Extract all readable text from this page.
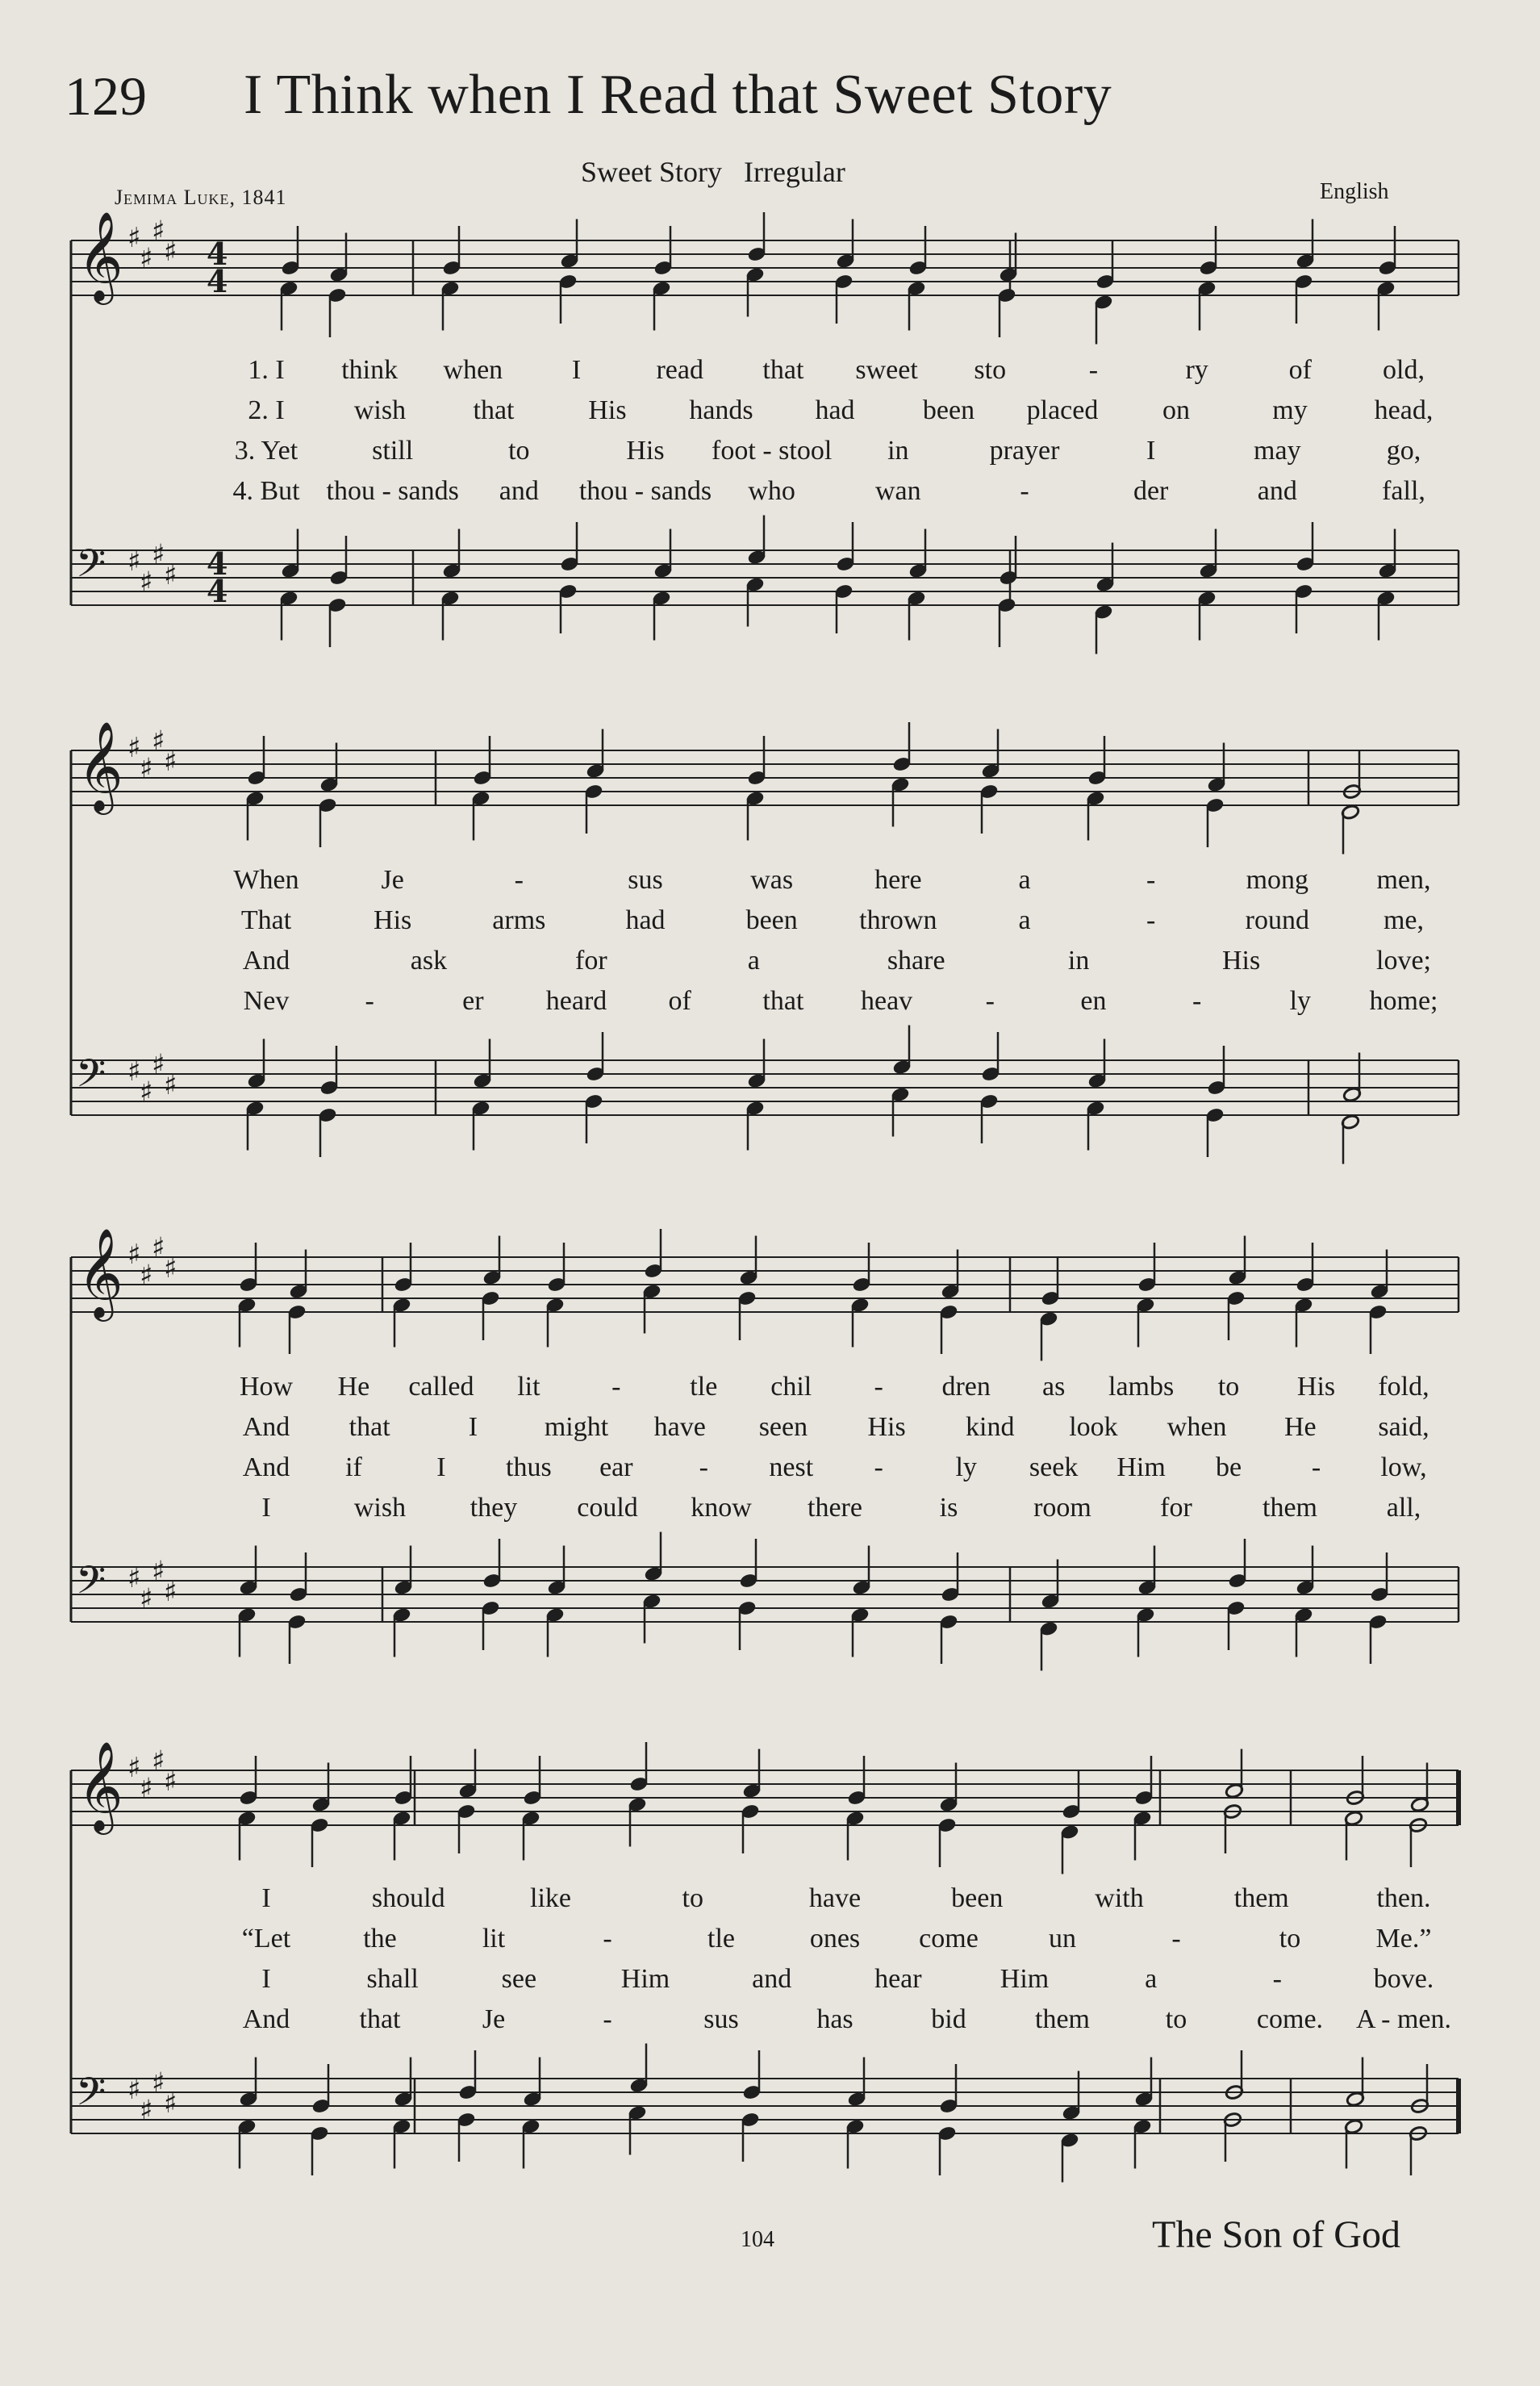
129 I Think when I Read that Sweet Story
Sweet Story   Irregular
Jemima Luke, 1841	English
𝄞
𝄢
♯
♯
♯
♯
♯
♯
♯
♯
4
4
4
4
𝄞
𝄢
♯
♯
♯
♯
♯
♯
♯
♯
𝄞
𝄢
♯
♯
♯
♯
♯
♯
♯
♯
𝄞
𝄢
♯
♯
♯
♯
♯
♯
♯
♯
1. I think when	I	read that sweet sto	-	ry	of	old,
2. I	wish that	His hands had been placed on	my head,
3. Yet	still	to	His foot - stool in	prayer	I	may	go,
4. But thou - sands and thou - sands who	wan	-	der	and	fall,
When	Je	-	sus	was	here	a	-	mong men,
That	His	arms	had	been thrown	a	-	round	me,
And	ask	for	a	share	in	His	love;
Nev	-	er heard of	that heav	-	en	-	ly home;
How He called lit	-	tle chil - dren as lambs to His fold,
And that	I might have seen His kind look when He said,
And if	I thus ear - nest -	ly seek Him be	- low,
I	wish they could know there	is	room	for	them	all,
I	should	like	to	have	been	with	them	then.
“Let	the	lit	-	tle	ones come	un	-	to	Me.”
I	shall	see	Him	and	hear	Him	a	-	bove.
And	that	Je	-	sus	has	bid	them	to	come. A - men.
104	The Son of God
